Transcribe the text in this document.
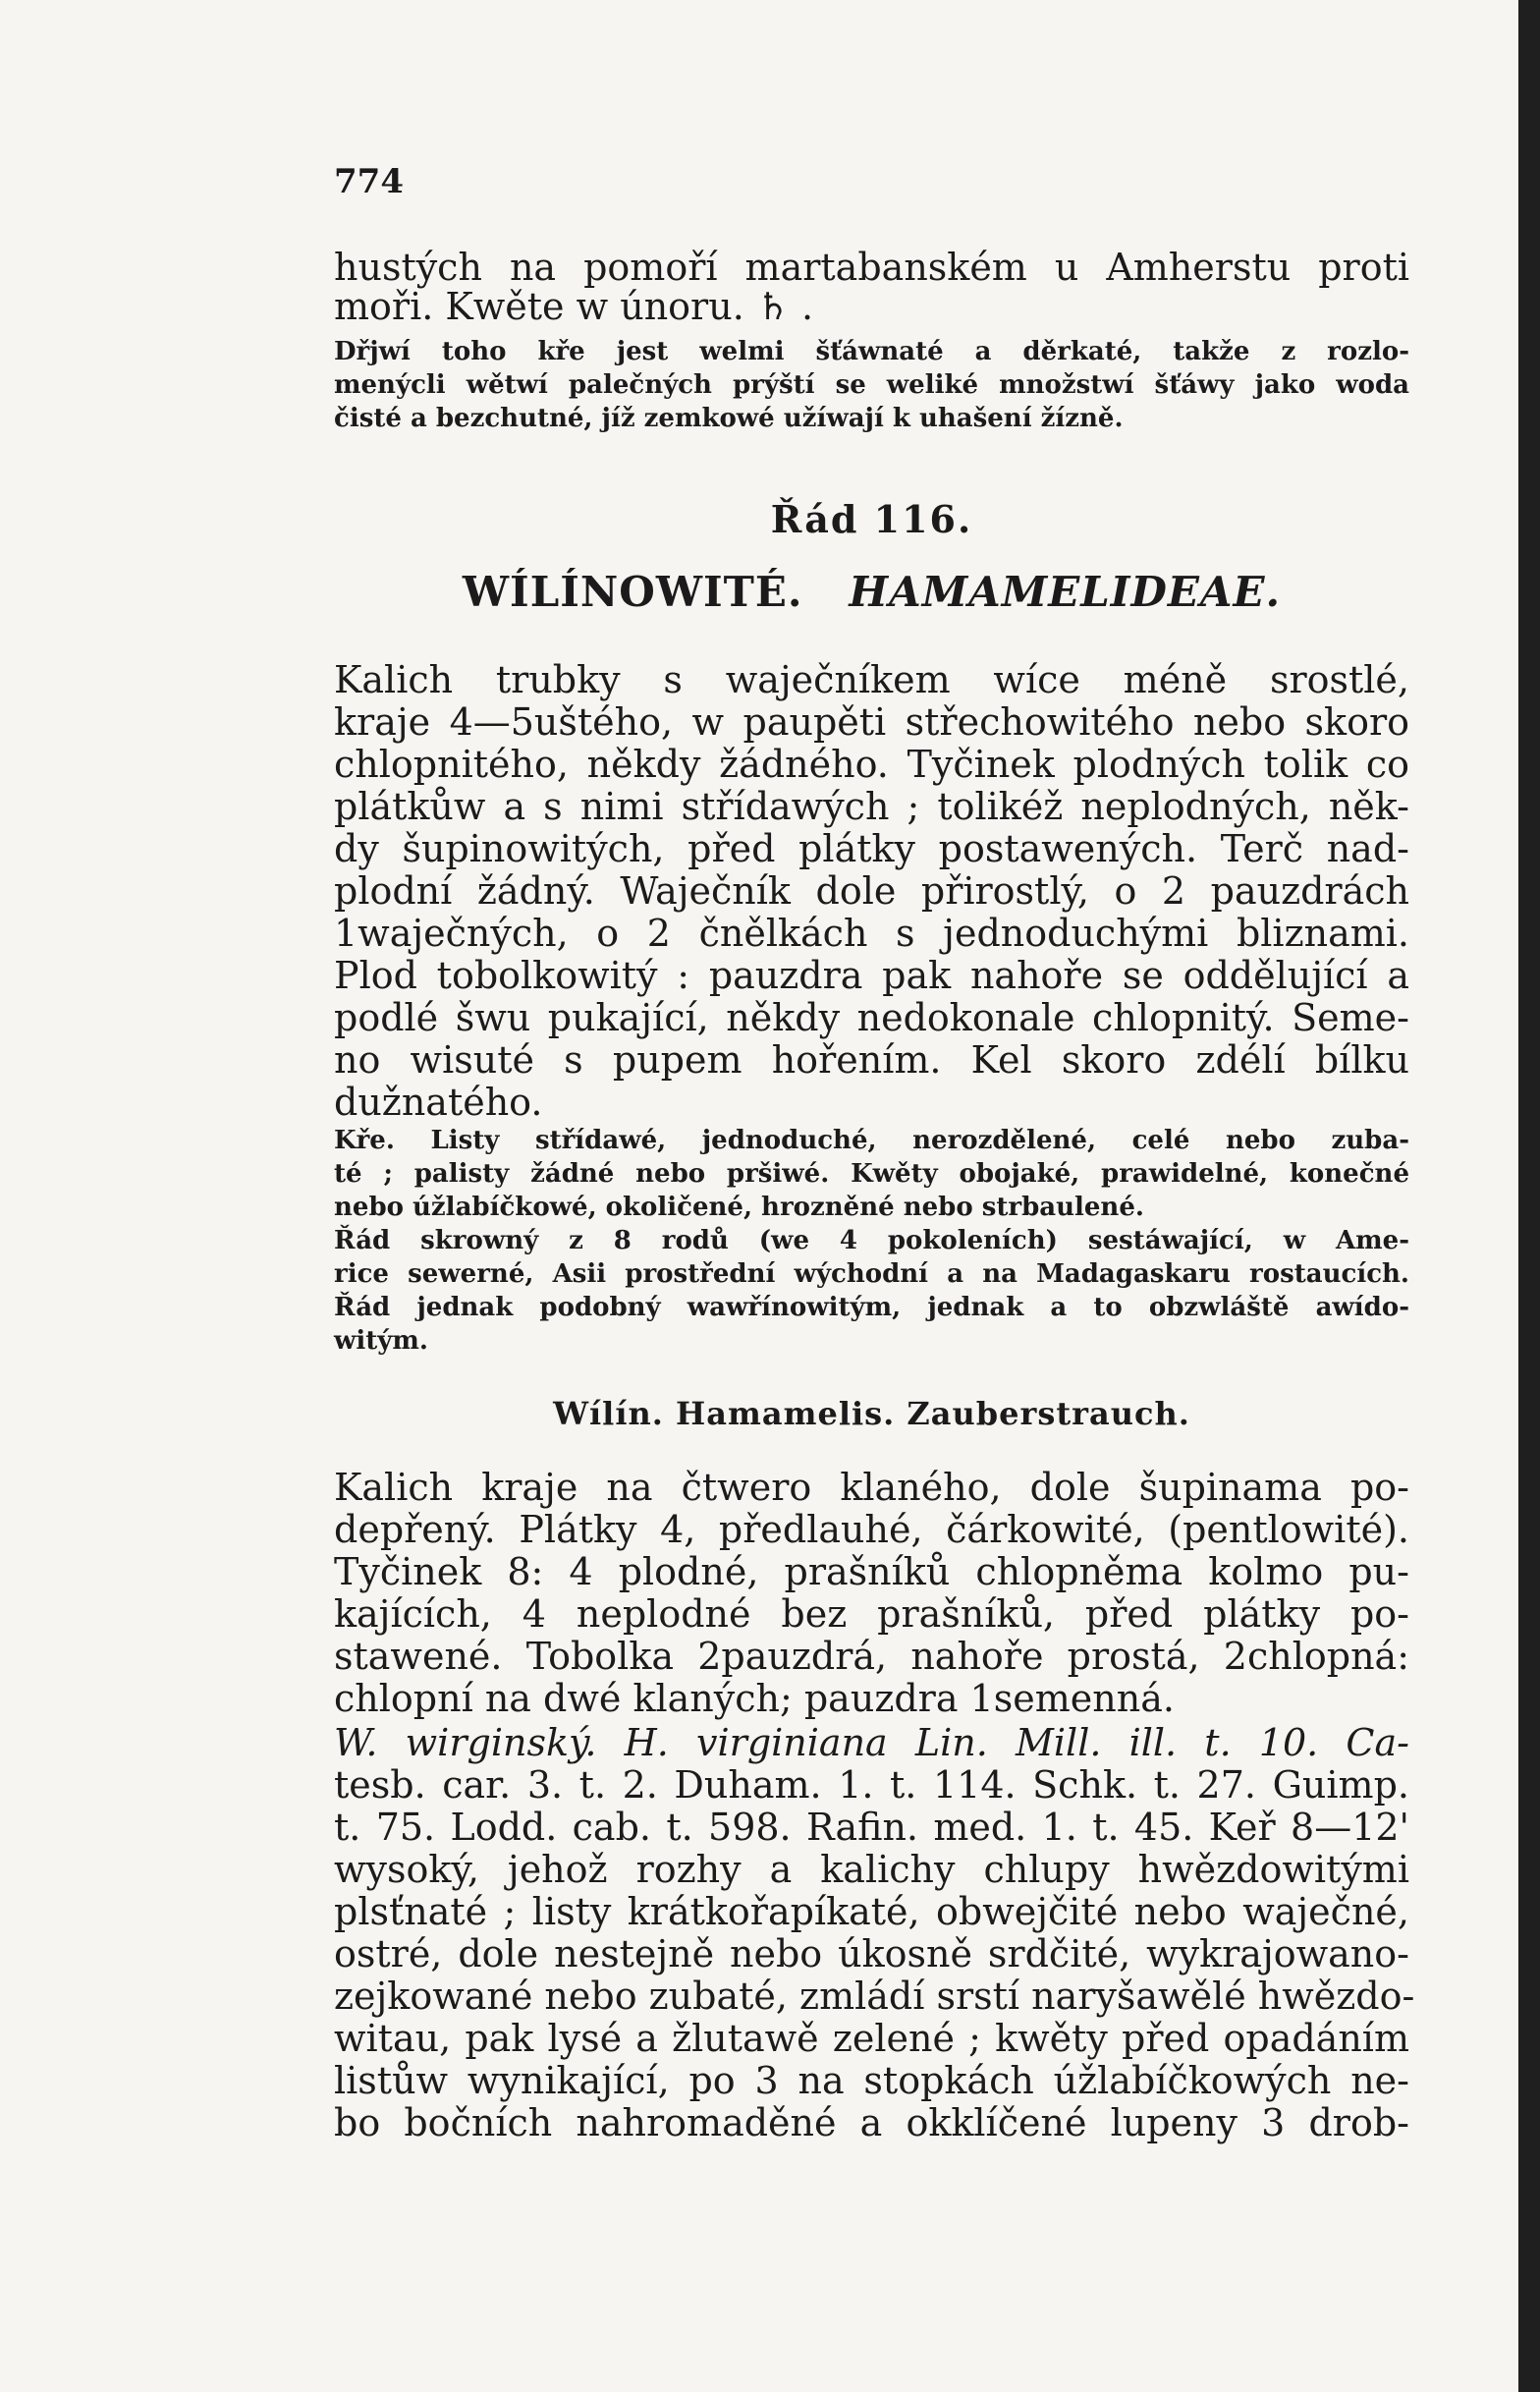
774
hustých na pomoří martabanském u Amherstu proti
moři. Kwěte w únoru. ♄ .
Dřjwí toho kře jest welmi šťáwnaté a děrkaté, takže z rozlo-
menýcli wětwí palečných prýští se weliké množstwí šťáwy jako woda
čisté a bezchutné, jíž zemkowé užíwají k uhašení žízně.
Řád 116.
WÍLÍNOWITÉ. HAMAMELIDEAE.
Kalich trubky s waječníkem wíce méně srostlé,
kraje 4—5uštého, w paupěti střechowitého nebo skoro
chlopnitého, někdy žádného. Tyčinek plodných tolik co
plátkůw a s nimi střídawých ; tolikéž neplodných, něk-
dy šupinowitých, před plátky postawených. Terč nad-
plodní žádný. Waječník dole přirostlý, o 2 pauzdrách
1waječných, o 2 čnělkách s jednoduchými bliznami.
Plod tobolkowitý : pauzdra pak nahoře se oddělující a
podlé šwu pukající, někdy nedokonale chlopnitý. Seme-
no wisuté s pupem hořením. Kel skoro zdélí bílku
dužnatého.
Kře. Listy střídawé, jednoduché, nerozdělené, celé nebo zuba-
té ; palisty žádné nebo pršiwé. Kwěty obojaké, prawidelné, konečné
nebo úžlabíčkowé, okoličené, hrozněné nebo strbaulené.
Řád skrowný z 8 rodů (we 4 pokoleních) sestáwající, w Ame-
rice sewerné, Asii prostřední wýchodní a na Madagaskaru rostaucích.
Řád jednak podobný wawřínowitým, jednak a to obzwláště awído-
witým.
Wílín. Hamamelis. Zauberstrauch.
Kalich kraje na čtwero klaného, dole šupinama po-
depřený. Plátky 4, předlauhé, čárkowité, (pentlowité).
Tyčinek 8: 4 plodné, prašníků chlopněma kolmo pu-
kajících, 4 neplodné bez prašníků, před plátky po-
stawené. Tobolka 2pauzdrá, nahoře prostá, 2chlopná:
chlopní na dwé klaných; pauzdra 1semenná.
W. wirginský. H. virginiana Lin. Mill. ill. t. 10. Ca-
tesb. car. 3. t. 2. Duham. 1. t. 114. Schk. t. 27. Guimp.
t. 75. Lodd. cab. t. 598. Rafin. med. 1. t. 45. Keř 8—12'
wysoký, jehož rozhy a kalichy chlupy hwězdowitými
plsťnaté ; listy krátkořapíkaté, obwejčité nebo waječné,
ostré, dole nestejně nebo úkosně srdčité, wykrajowano-
zejkowané nebo zubaté, zmládí srstí naryšawělé hwězdo-
witau, pak lysé a žlutawě zelené ; kwěty před opadáním
listůw wynikající, po 3 na stopkách úžlabíčkowých ne-
bo bočních nahromaděné a okklíčené lupeny 3 drob-
